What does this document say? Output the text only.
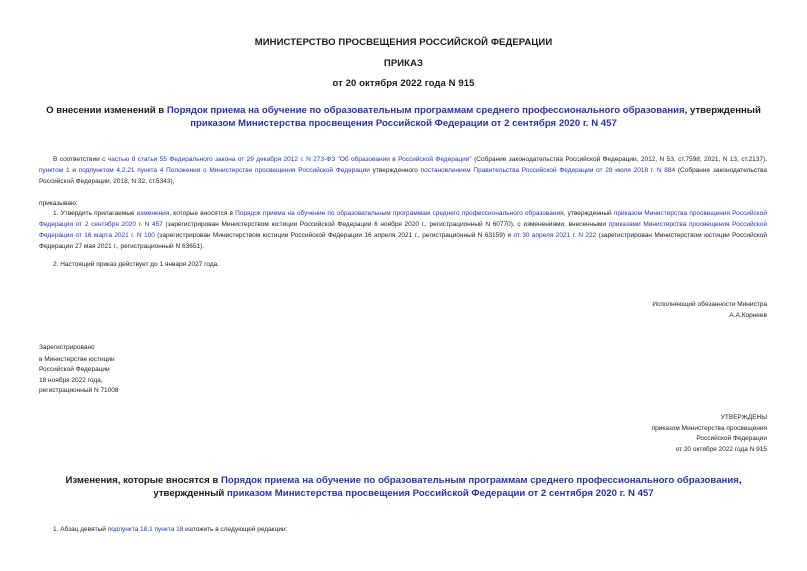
МИНИСТЕРСТВО ПРОСВЕЩЕНИЯ РОССИЙСКОЙ ФЕДЕРАЦИИ
ПРИКАЗ
от 20 октября 2022 года N 915
О внесении изменений в Порядок приема на обучение по образовательным программам среднего профессионального образования, утвержденный приказом Министерства просвещения Российской Федерации от 2 сентября 2020 г. N 457
В соответствии с частью 8 статьи 55 Федерального закона от 29 декабря 2012 г. N 273-ФЗ "Об образовании в Российской Федерации" (Собрание законодательства Российской Федерации, 2012, N 53, ст.7598; 2021, N 13, ст.2137), пунктом 1 и подпунктом 4.2.21 пункта 4 Положения о Министерстве просвещения Российской Федерации утвержденного постановлением Правительства Российской Федерации от 28 июля 2018 г. N 884 (Собрание законодательства Российской Федерации, 2018, N 32, ст.5343),
приказываю:
1. Утвердить прилагаемые изменения, которые вносятся в Порядок приема на обучение по образовательным программам среднего профессионального образования, утвержденный приказом Министерства просвещения Российской Федерации от 2 сентября 2020 г. N 457 (зарегистрирован Министерством юстиции Российской Федерации 6 ноября 2020 г., регистрационный N 60770), с изменениями, внесенными приказами Министерства просвещения Российской Федерации от 16 марта 2021 г. N 100 (зарегистрирован Министерством юстиции Российской Федерации 16 апреля 2021 г., регистрационный N 63159) и от 30 апреля 2021 г. N 222 (зарегистрирован Министерством юстиции Российской Федерации 27 мая 2021 г., регистрационный N 63651).
2. Настоящий приказ действует до 1 января 2027 года.
Исполняющий обязанности Министра
А.А.Корнеев
Зарегистрировано
в Министерстве юстиции
Российской Федерации
18 ноября 2022 года,
регистрационный N 71008
УТВЕРЖДЕНЫ
приказом Министерства просвещения
Российской Федерации
от 20 октября 2022 года N 915
Изменения, которые вносятся в Порядок приема на обучение по образовательным программам среднего профессионального образования, утвержденный приказом Министерства просвещения Российской Федерации от 2 сентября 2020 г. N 457
1. Абзац девятый подпункта 18.1 пункта 18 изложить в следующей редакции:
